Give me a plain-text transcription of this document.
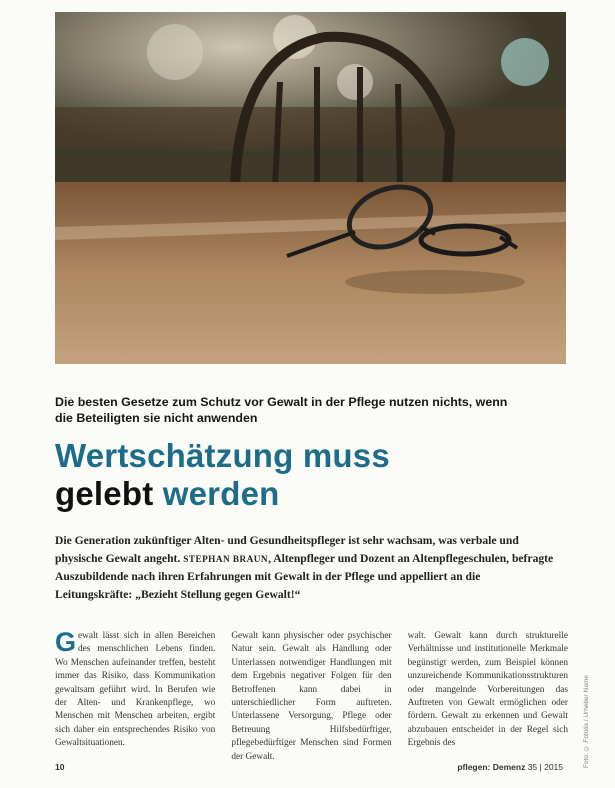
Die besten Gesetze zum Schutz vor Gewalt in der Pflege nutzen nichts, wenn die Beteiligten sie nicht anwenden
Wertschätzung muss
gelebt werden
Die Generation zukünftiger Alten- und Gesundheitspfleger ist sehr wachsam, was verbale und physische Gewalt angeht. STEPHAN BRAUN, Altenpfleger und Dozent an Altenpflegeschulen, befragte Auszubildende nach ihren Erfahrungen mit Gewalt in der Pflege und appelliert an die Leitungskräfte: „Bezieht Stellung gegen Gewalt!“
Gewalt lässt sich in allen Bereichen des menschlichen Lebens finden. Wo Menschen aufeinander treffen, besteht immer das Risiko, dass Kommunikation gewaltsam geführt wird. In Berufen wie der Alten- und Krankenpflege, wo Menschen mit Menschen arbeiten, ergibt sich daher ein entsprechendes Risiko von Gewaltsituationen.
Gewalt kann physischer oder psychischer Natur sein. Gewalt als Handlung oder Unterlassen notwendiger Handlungen mit dem Ergebnis negativer Folgen für den Betroffenen kann dabei in unterschiedlicher Form auftreten. Unterlassene Versorgung, Pflege oder Betreuung Hilfsbedürftiger, pflegebedürftiger Menschen sind Formen der Gewalt.
walt. Gewalt kann durch strukturelle Verhältnisse und institutionelle Merkmale begünstigt werden, zum Beispiel können unzureichende Kommunikationsstrukturen oder mangelnde Vorbereitungen das Auftreten von Gewalt ermöglichen oder fördern. Gewalt zu erkennen und Gewalt abzubauen entscheidet in der Regel sich Ergebnis des	Foto: © Fotolia / Urheber Name
10	pflegen: Demenz 35 | 2015
